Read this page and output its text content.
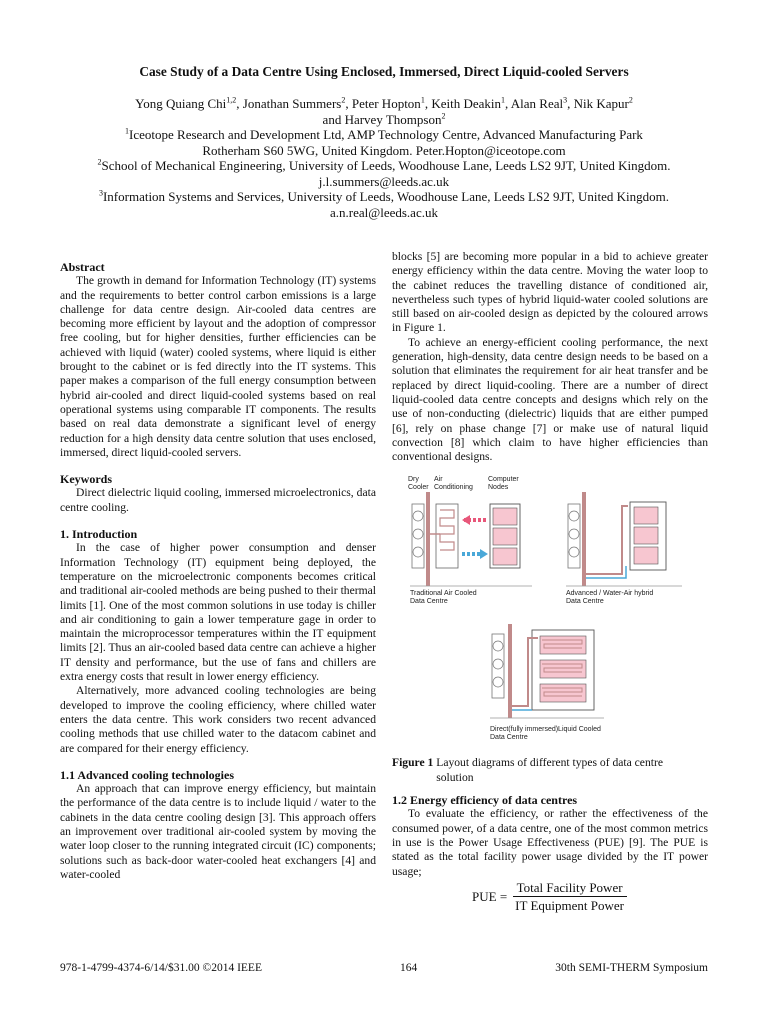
Case Study of a Data Centre Using Enclosed, Immersed, Direct Liquid-cooled Servers
Yong Quiang Chi$^{1,2}$, Jonathan Summers$^2$, Peter Hopton$^1$, Keith Deakin$^1$, Alan Real$^3$, Nik Kapur$^2$
and Harvey Thompson$^2$
$^1$Iceotope Research and Development Ltd, AMP Technology Centre, Advanced Manufacturing Park
Rotherham S60 5WG, United Kingdom. Peter.Hopton@iceotope.com
$^2$School of Mechanical Engineering, University of Leeds, Woodhouse Lane, Leeds LS2 9JT, United Kingdom.
j.l.summers@leeds.ac.uk
$^3$Information Systems and Services, University of Leeds, Woodhouse Lane, Leeds LS2 9JT, United Kingdom.
a.n.real@leeds.ac.uk
Abstract

The growth in demand for Information Technology (IT) systems and the requirements to better control carbon emissions is a large challenge for data centre design. Air-cooled data centres are becoming more efficient by layout and the adoption of compressor free cooling, but for higher densities, further efficiencies can be achieved with liquid (water) cooled systems, where liquid is either brought to the cabinet or is fed directly into the IT systems. This paper makes a comparison of the full energy consumption between hybrid air-cooled and direct liquid-cooled systems based on real operational systems using comparable IT components. The results based on real data demonstrate a significant level of energy reduction for a high density data centre solution that uses enclosed, immersed, direct liquid-cooled servers.

Keywords

Direct dielectric liquid cooling, immersed microelectronics, data centre cooling.

1. Introduction

In the case of higher power consumption and denser Information Technology (IT) equipment being deployed, the temperature on the microelectronic components becomes critical and traditional air-cooled methods are being pushed to their thermal limits [1]. One of the most common solutions in use today is chiller and air conditioning to gain a lower temperature gage in order to maintain the microprocessor temperatures within the IT equipment limits [2]. Thus an air-cooled based data centre can achieve a higher IT density and performance, but the use of fans and chillers are extra energy costs that result in lower energy efficiency.

Alternatively, more advanced cooling technologies are being developed to improve the cooling efficiency, where chilled water enters the data centre. This work considers two recent advanced cooling methods that use chilled water to the datacom cabinet and are compared for their energy efficiency.

1.1 Advanced cooling technologies

An approach that can improve energy efficiency, but maintain the performance of the data centre is to include liquid / water to the cabinets in the data centre cooling design [3]. This approach offers an improvement over traditional air-cooled system by moving the water loop closer to the running integrated circuit (IC) components; solutions such as back-door water-cooled heat exchangers [4] and water-cooled

blocks [5] are becoming more popular in a bid to achieve greater energy efficiency within the data centre. Moving the water loop to the cabinet reduces the travelling distance of conditioned air, nevertheless such types of hybrid liquid-water cooled solutions are still based on air-cooled design as depicted by the coloured arrows in Figure 1.

To achieve an energy-efficient cooling performance, the next generation, high-density, data centre design needs to be based on a solution that eliminates the requirement for air heat transfer and be replaced by direct liquid-cooling. There are a number of direct liquid-cooled data centre concepts and designs which rely on the use of non-conducting (dielectric) liquids that are either pumped [6], rely on phase change [7] or make use of natural liquid convection [8] which claim to have higher efficiencies than conventional designs.

Dry
Cooler
Air
Conditioning
Computer
Nodes
Traditional Air Cooled
Data Centre
Advanced / Water-Air hybrid
Data Centre
Direct(fully immersed)Liquid Cooled
Data Centre
Figure 1 Layout diagrams of different types of data centre solution
1.2 Energy efficiency of data centres

To evaluate the efficiency, or rather the effectiveness of the consumed power, of a data centre, one of the most common metrics in use is the Power Usage Effectiveness (PUE) [9]. The PUE is stated as the total facility power usage divided by the IT power usage;

PUE = $\frac{\text{Total Facility Power}}{\text{IT Equipment Power}}$
978-1-4799-4374-6/14/$31.00 ©2014 IEEE	164	30th SEMI-THERM Symposium
